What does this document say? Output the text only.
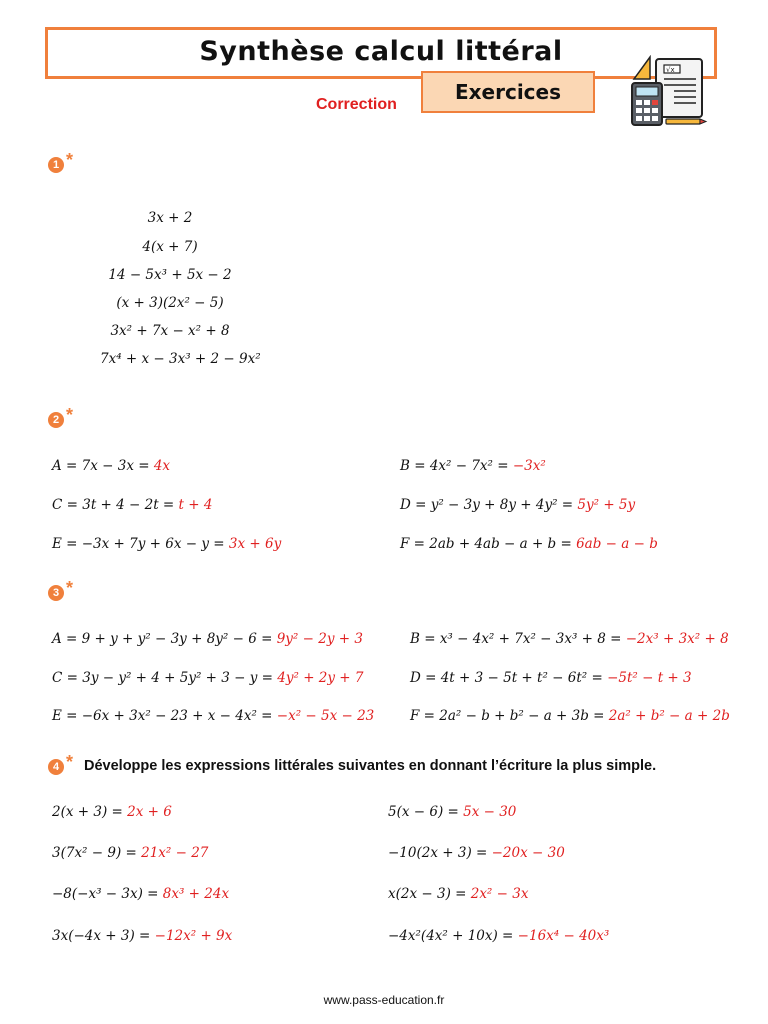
Synthèse calcul littéral
Exercices
Correction
√x
1 *
3x + 2
4(x + 7)
14 − 5x³ + 5x − 2
(x + 3)(2x² − 5)
3x² + 7x − x² + 8
7x⁴ + x − 3x³ + 2 − 9x²
2 *
A = 7x − 3x = 4x	B = 4x² − 7x² = −3x²
C = 3t + 4 − 2t = t + 4	D = y² − 3y + 8y + 4y² = 5y² + 5y
E = −3x + 7y + 6x − y = 3x + 6y	F = 2ab + 4ab − a + b = 6ab − a − b
3 *
A = 9 + y + y² − 3y + 8y² − 6 = 9y² − 2y + 3	B = x³ − 4x² + 7x² − 3x³ + 8 = −2x³ + 3x² + 8
C = 3y − y² + 4 + 5y² + 3 − y = 4y² + 2y + 7	D = 4t + 3 − 5t + t² − 6t² = −5t² − t + 3
E = −6x + 3x² − 23 + x − 4x² = −x² − 5x − 23	F = 2a² − b + b² − a + 3b = 2a² + b² − a + 2b
4 * Développe les expressions littérales suivantes en donnant l’écriture la plus simple.
2(x + 3) = 2x + 6	5(x − 6) = 5x − 30
3(7x² − 9) = 21x² − 27	−10(2x + 3) = −20x − 30
−8(−x³ − 3x) = 8x³ + 24x	x(2x − 3) = 2x² − 3x
3x(−4x + 3) = −12x² + 9x	−4x²(4x² + 10x) = −16x⁴ − 40x³
www.pass-education.fr
